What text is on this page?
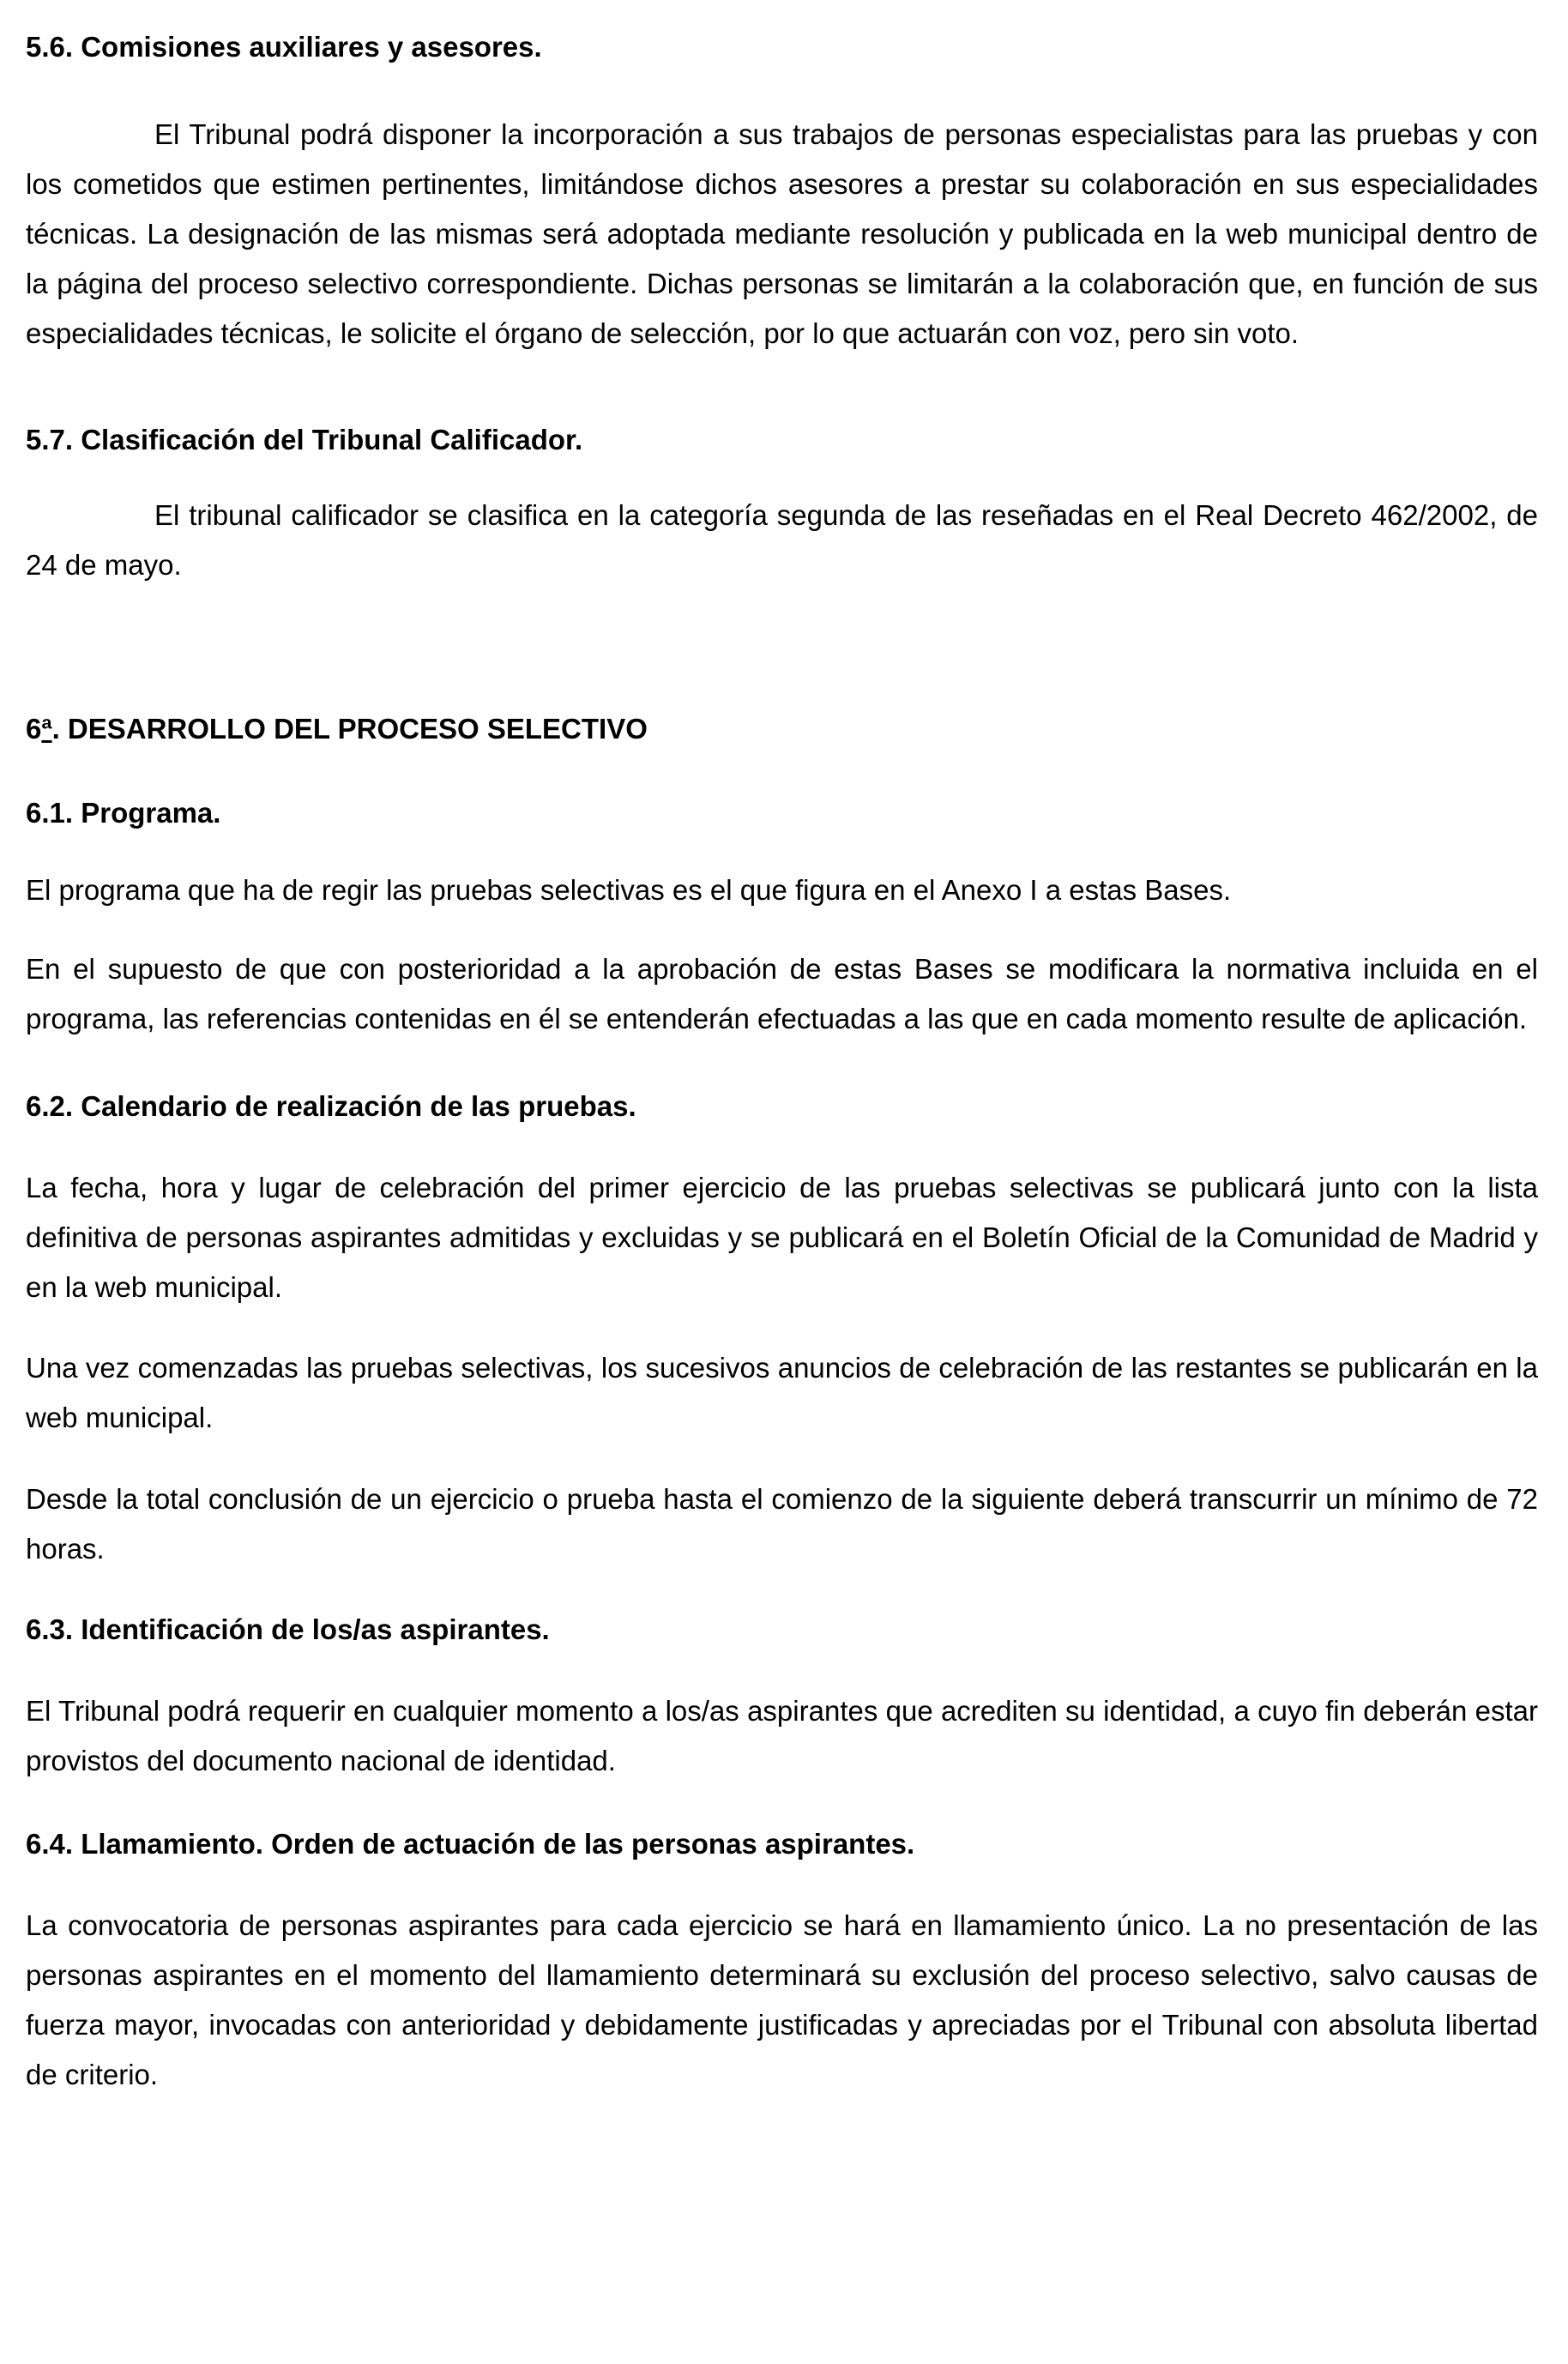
5.6. Comisiones auxiliares y asesores.

El Tribunal podrá disponer la incorporación a sus trabajos de personas especialistas para las pruebas y con los cometidos que estimen pertinentes, limitándose dichos asesores a prestar su colaboración en sus especialidades técnicas. La designación de las mismas será adoptada mediante resolución y publicada en la web municipal dentro de la página del proceso selectivo correspondiente. Dichas personas se limitarán a la colaboración que, en función de sus especialidades técnicas, le solicite el órgano de selección, por lo que actuarán con voz, pero sin voto.

5.7. Clasificación del Tribunal Calificador.

El tribunal calificador se clasifica en la categoría segunda de las reseñadas en el Real Decreto 462/2002, de 24 de mayo.

6ª. DESARROLLO DEL PROCESO SELECTIVO
6.1. Programa.

El programa que ha de regir las pruebas selectivas es el que figura en el Anexo I a estas Bases.

En el supuesto de que con posterioridad a la aprobación de estas Bases se modificara la normativa incluida en el programa, las referencias contenidas en él se entenderán efectuadas a las que en cada momento resulte de aplicación.

6.2. Calendario de realización de las pruebas.

La fecha, hora y lugar de celebración del primer ejercicio de las pruebas selectivas se publicará junto con la lista definitiva de personas aspirantes admitidas y excluidas y se publicará en el Boletín Oficial de la Comunidad de Madrid y en la web municipal.

Una vez comenzadas las pruebas selectivas, los sucesivos anuncios de celebración de las restantes se publicarán en la web municipal.

Desde la total conclusión de un ejercicio o prueba hasta el comienzo de la siguiente deberá transcurrir un mínimo de 72 horas.

6.3. Identificación de los/as aspirantes.

El Tribunal podrá requerir en cualquier momento a los/as aspirantes que acrediten su identidad, a cuyo fin deberán estar provistos del documento nacional de identidad.

6.4. Llamamiento. Orden de actuación de las personas aspirantes.

La convocatoria de personas aspirantes para cada ejercicio se hará en llamamiento único. La no presentación de las personas aspirantes en el momento del llamamiento determinará su exclusión del proceso selectivo, salvo causas de fuerza mayor, invocadas con anterioridad y debidamente justificadas y apreciadas por el Tribunal con absoluta libertad de criterio.
